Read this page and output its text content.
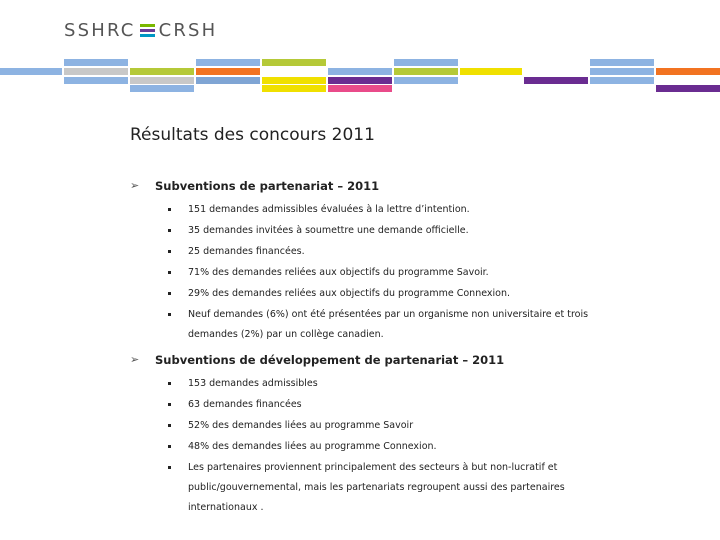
SSHRC CRSH
Résultats des concours 2011
➢ Subventions de partenariat – 2011
151 demandes admissibles évaluées à la lettre d’intention.
35 demandes invitées à soumettre une demande officielle.
25 demandes financées.
71% des demandes reliées aux objectifs du programme Savoir.
29% des demandes reliées aux objectifs du programme Connexion.
Neuf demandes (6%) ont été présentées par un organisme non universitaire et trois demandes (2%) par un collège canadien.
➢ Subventions de développement de partenariat – 2011
153 demandes admissibles
63 demandes financées
52% des demandes liées au programme Savoir
48% des demandes liées au programme Connexion.
Les partenaires proviennent principalement des secteurs à but non-lucratif et public/gouvernemental, mais les partenariats regroupent aussi des partenaires internationaux .
